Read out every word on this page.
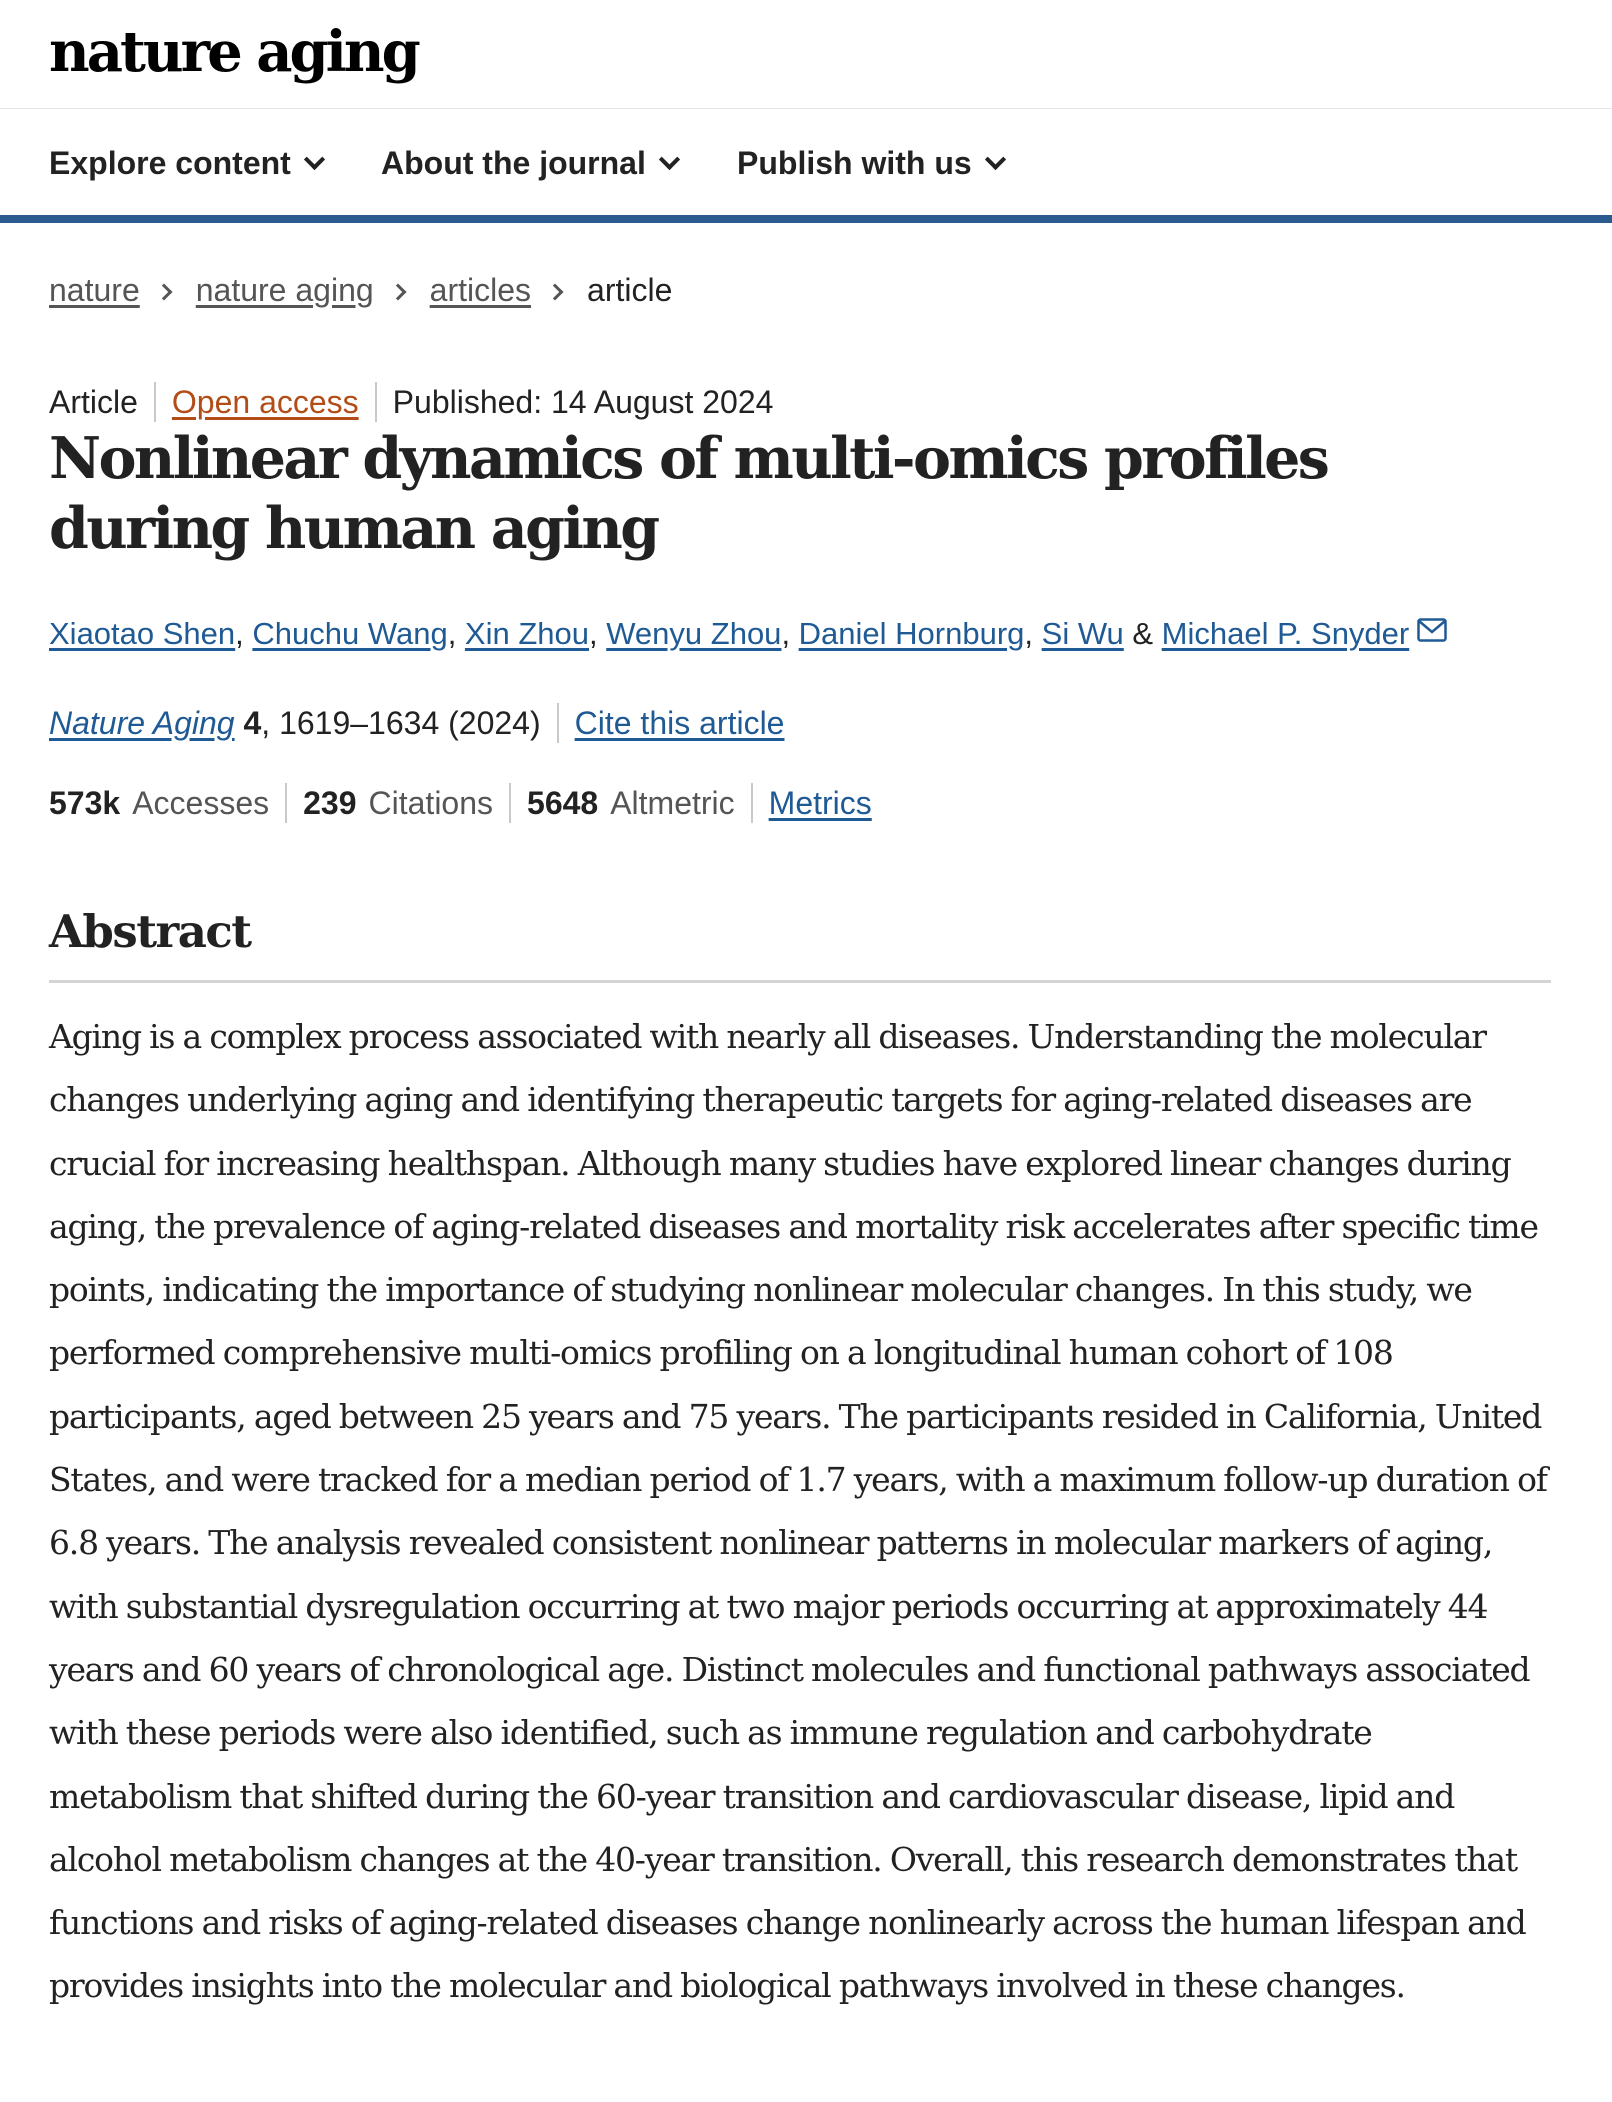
nature aging
Explore content	About the journal	Publish with us
nature nature aging articles article
Article Open access Published: 14 August 2024
Nonlinear dynamics of multi-omics profiles during human aging
Xiaotao Shen, Chuchu Wang, Xin Zhou, Wenyu Zhou, Daniel Hornburg, Si Wu & Michael P. Snyder
Nature Aging 4, 1619–1634 (2024) Cite this article
573k Accesses 239 Citations 5648 Altmetric Metrics
Abstract

Aging is a complex process associated with nearly all diseases. Understanding the molecular changes underlying aging and identifying therapeutic targets for aging-related diseases are crucial for increasing healthspan. Although many studies have explored linear changes during aging, the prevalence of aging-related diseases and mortality risk accelerates after specific time points, indicating the importance of studying nonlinear molecular changes. In this study, we performed comprehensive multi-omics profiling on a longitudinal human cohort of 108 participants, aged between 25 years and 75 years. The participants resided in California, United States, and were tracked for a median period of 1.7 years, with a maximum follow-up duration of 6.8 years. The analysis revealed consistent nonlinear patterns in molecular markers of aging, with substantial dysregulation occurring at two major periods occurring at approximately 44 years and 60 years of chronological age. Distinct molecules and functional pathways associated with these periods were also identified, such as immune regulation and carbohydrate metabolism that shifted during the 60-year transition and cardiovascular disease, lipid and alcohol metabolism changes at the 40-year transition. Overall, this research demonstrates that functions and risks of aging-related diseases change nonlinearly across the human lifespan and provides insights into the molecular and biological pathways involved in these changes.
